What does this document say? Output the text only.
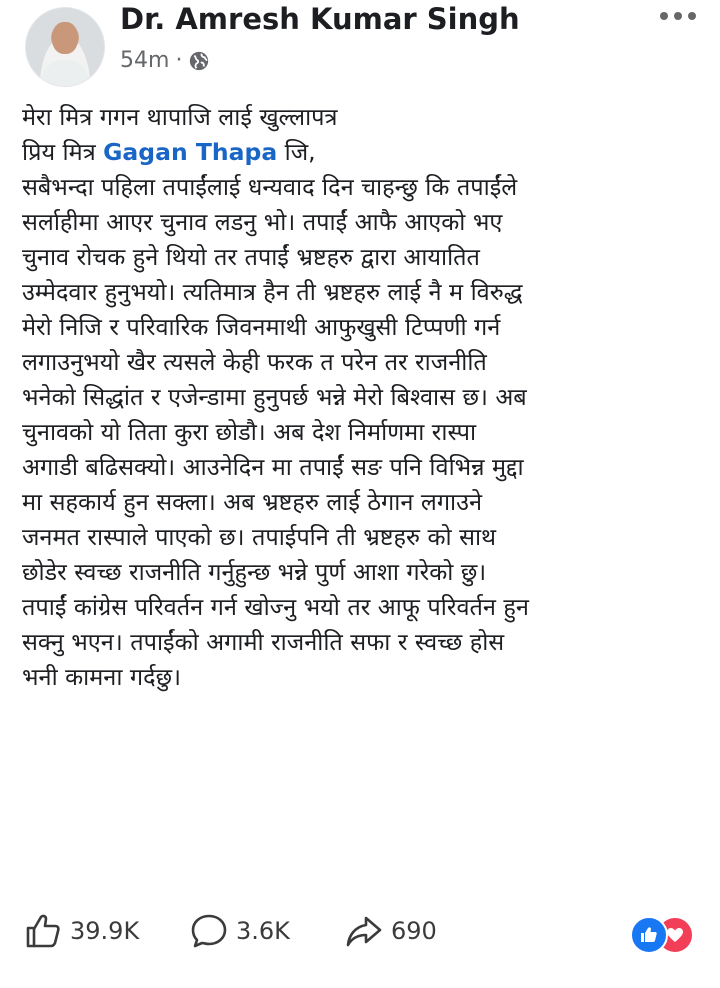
Dr. Amresh Kumar Singh
54m ·
मेरा मित्र गगन थापाजि लाई खुल्लापत्र
प्रिय मित्र Gagan Thapa जि,
सबैभन्दा पहिला तपाईंलाई धन्यवाद दिन चाहन्छु कि तपाईंले
सर्लाहीमा आएर चुनाव लडनु भो। तपाईं आफै आएको भए
चुनाव रोचक हुने थियो तर तपाईं भ्रष्टहरु द्वारा आयातित
उम्मेदवार हुनुभयो। त्यतिमात्र हैन ती भ्रष्टहरु लाई नै म विरुद्ध
मेरो निजि र परिवारिक जिवनमाथी आफुखुसी टिप्पणी गर्न
लगाउनुभयो खैर त्यसले केही फरक त परेन तर राजनीति
भनेको सिद्धांत र एजेन्डामा हुनुपर्छ भन्ने मेरो बिश्वास छ। अब
चुनावको यो तिता कुरा छोडौ। अब देश निर्माणमा रास्पा
अगाडी बढिसक्यो। आउनेदिन मा तपाईं सङ पनि विभिन्न मुद्दा
मा सहकार्य हुन सक्ला। अब भ्रष्टहरु लाई ठेगान लगाउने
जनमत रास्पाले पाएको छ। तपाईपनि ती भ्रष्टहरु को साथ
छोडेर स्वच्छ राजनीति गर्नुहुन्छ भन्ने पुर्ण आशा गरेको छु।
तपाईं कांग्रेस परिवर्तन गर्न खोज्नु भयो तर आफू परिवर्तन हुन
सक्नु भएन। तपाईंको अगामी राजनीति सफा र स्वच्छ होस
भनी कामना गर्दछु।
39.9K	3.6K	690
